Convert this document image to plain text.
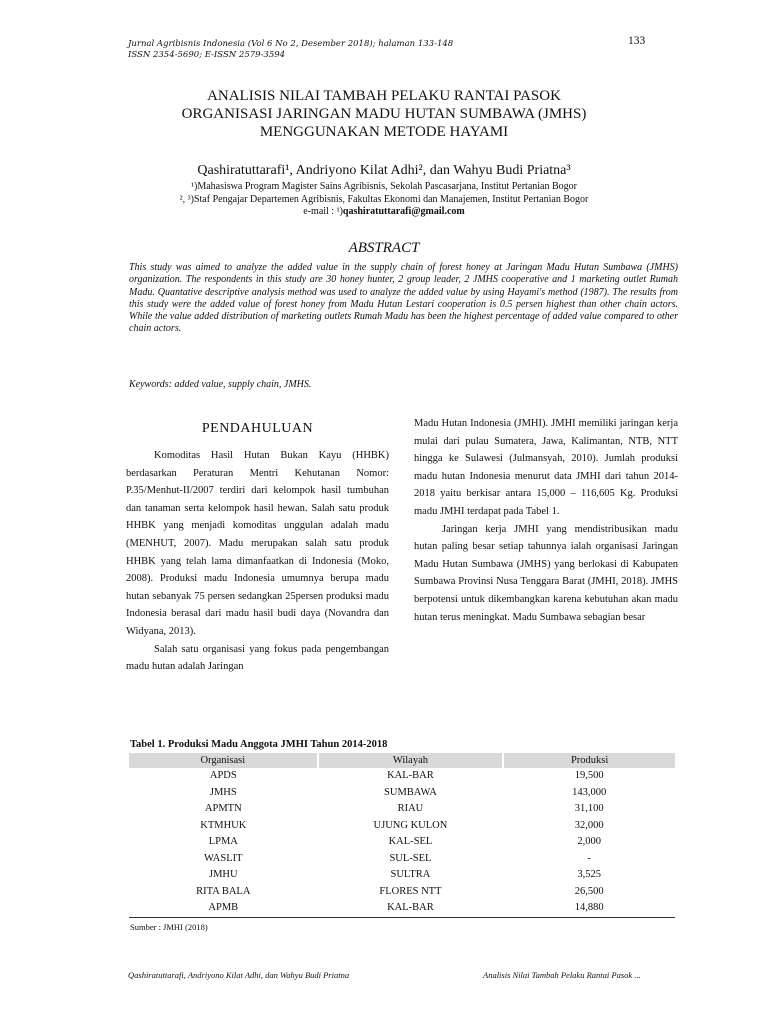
Jurnal Agribisnis Indonesia (Vol 6 No 2, Desember 2018); halaman 133-148
ISSN 2354-5690; E-ISSN 2579-3594
133
ANALISIS NILAI TAMBAH PELAKU RANTAI PASOK
ORGANISASI JARINGAN MADU HUTAN SUMBAWA (JMHS)
MENGGUNAKAN METODE HAYAMI
Qashiratuttarafi¹, Andriyono Kilat Adhi², dan Wahyu Budi Priatna³
¹)Mahasiswa Program Magister Sains Agribisnis, Sekolah Pascasarjana, Institut Pertanian Bogor
², ³)Staf Pengajar Departemen Agribisnis, Fakultas Ekonomi dan Manajemen, Institut Pertanian Bogor
e-mail : ¹)qashiratuttarafi@gmail.com
ABSTRACT
This study was aimed to analyze the added value in the supply chain of forest honey at Jaringan Madu Hutan Sumbawa (JMHS) organization. The respondents in this study are 30 honey hunter, 2 group leader, 2 JMHS cooperative and 1 marketing outlet Rumah Madu. Quantative descriptive analysis method was used to analyze the added value by using Hayami's method (1987). The results from this study were the added value of forest honey from Madu Hutan Lestari cooperation is 0.5 persen highest than other chain actors. While the value added distribution of marketing outlets Rumah Madu has been the highest percentage of added value compared to other chain actors.
Keywords: added value, supply chain, JMHS.
PENDAHULUAN

Komoditas Hasil Hutan Bukan Kayu (HHBK) berdasarkan Peraturan Mentri Kehutanan Nomor: P.35/Menhut-II/2007 terdiri dari kelompok hasil tumbuhan dan tanaman serta kelompok hasil hewan. Salah satu produk HHBK yang menjadi komoditas unggulan adalah madu (MENHUT, 2007). Madu merupakan salah satu produk HHBK yang telah lama dimanfaatkan di Indonesia (Moko, 2008). Produksi madu Indonesia umumnya berupa madu hutan sebanyak 75 persen sedangkan 25persen produksi madu Indonesia berasal dari madu hasil budi daya (Novandra dan Widyana, 2013).

Salah satu organisasi yang fokus pada pengembangan madu hutan adalah Jaringan

Madu Hutan Indonesia (JMHI). JMHI memiliki jaringan kerja mulai dari pulau Sumatera, Jawa, Kalimantan, NTB, NTT hingga ke Sulawesi (Julmansyah, 2010). Jumlah produksi madu hutan Indonesia menurut data JMHI dari tahun 2014-2018 yaitu berkisar antara 15,000 – 116,605 Kg. Produksi madu JMHI terdapat pada Tabel 1.

Jaringan kerja JMHI yang mendistribusikan madu hutan paling besar setiap tahunnya ialah organisasi Jaringan Madu Hutan Sumbawa (JMHS) yang berlokasi di Kabupaten Sumbawa Provinsi Nusa Tenggara Barat (JMHI, 2018). JMHS berpotensi untuk dikembangkan karena kebutuhan akan madu hutan terus meningkat. Madu Sumbawa sebagian besar

Tabel 1. Produksi Madu Anggota JMHI Tahun 2014-2018
Organisasi	Wilayah	Produksi
APDS	KAL-BAR	19,500
JMHS	SUMBAWA	143,000
APMTN	RIAU	31,100
KTMHUK	UJUNG KULON	32,000
LPMA	KAL-SEL	2,000
WASLIT	SUL-SEL	-
JMHU	SULTRA	3,525
RITA BALA	FLORES NTT	26,500
APMB	KAL-BAR	14,880
Sumber : JMHI (2018)
Qashiratuttarafi, Andriyono Kilat Adhi, dan Wahyu Budi Priatna	Analisis Nilai Tambah Pelaku Rantai Pasok ...
